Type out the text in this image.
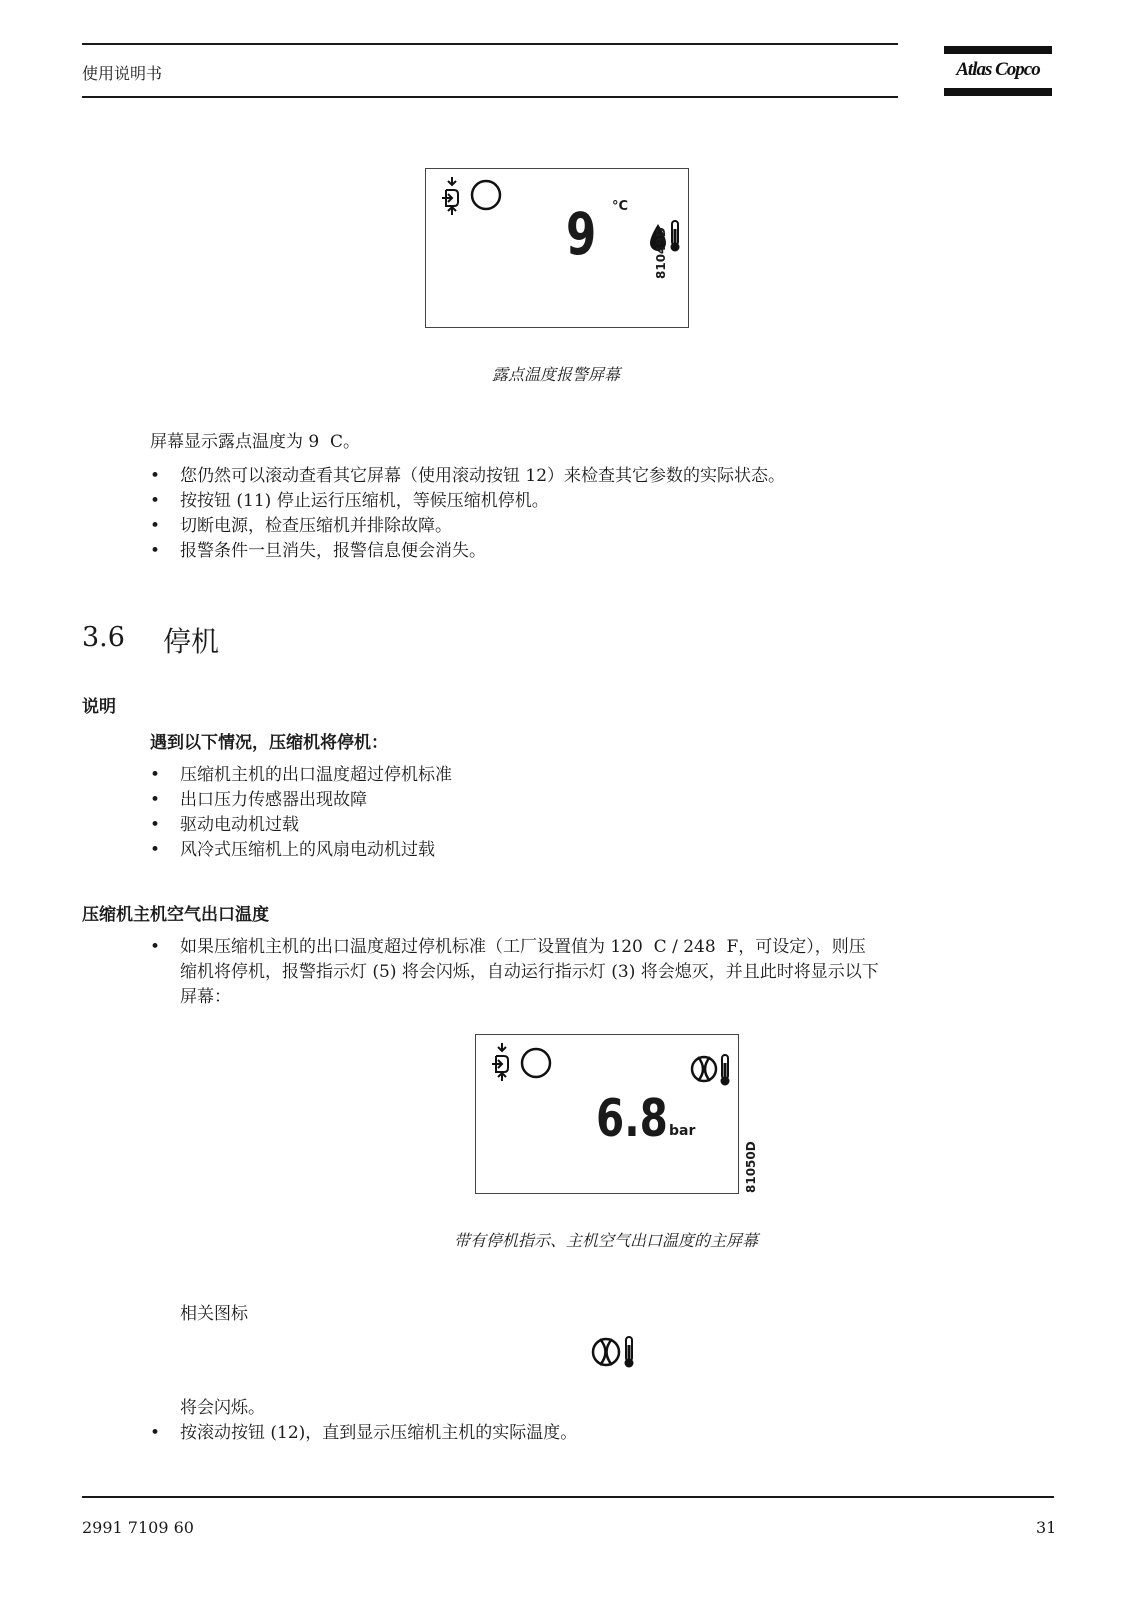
使用说明书	Atlas Copco
°C
9	81049D
露点温度报警屏幕
屏幕显示露点温度为 9  C。
• 您仍然可以滚动查看其它屏幕（使用滚动按钮 12）来检查其它参数的实际状态。
• 按按钮 (11) 停止运行压缩机，等候压缩机停机。
• 切断电源，检查压缩机并排除故障。
• 报警条件一旦消失，报警信息便会消失。
3.6 停机
说明
遇到以下情况，压缩机将停机：
• 压缩机主机的出口温度超过停机标准
• 出口压力传感器出现故障
• 驱动电动机过载
• 风冷式压缩机上的风扇电动机过载
压缩机主机空气出口温度
• 如果压缩机主机的出口温度超过停机标准（工厂设置值为 120  C / 248  F，可设定），则压
缩机将停机，报警指示灯 (5) 将会闪烁，自动运行指示灯 (3) 将会熄灭，并且此时将显示以下
屏幕：
6.8 bar
81050D
带有停机指示、主机空气出口温度的主屏幕
相关图标
将会闪烁。
• 按滚动按钮 (12)，直到显示压缩机主机的实际温度。
2991 7109 60	31
